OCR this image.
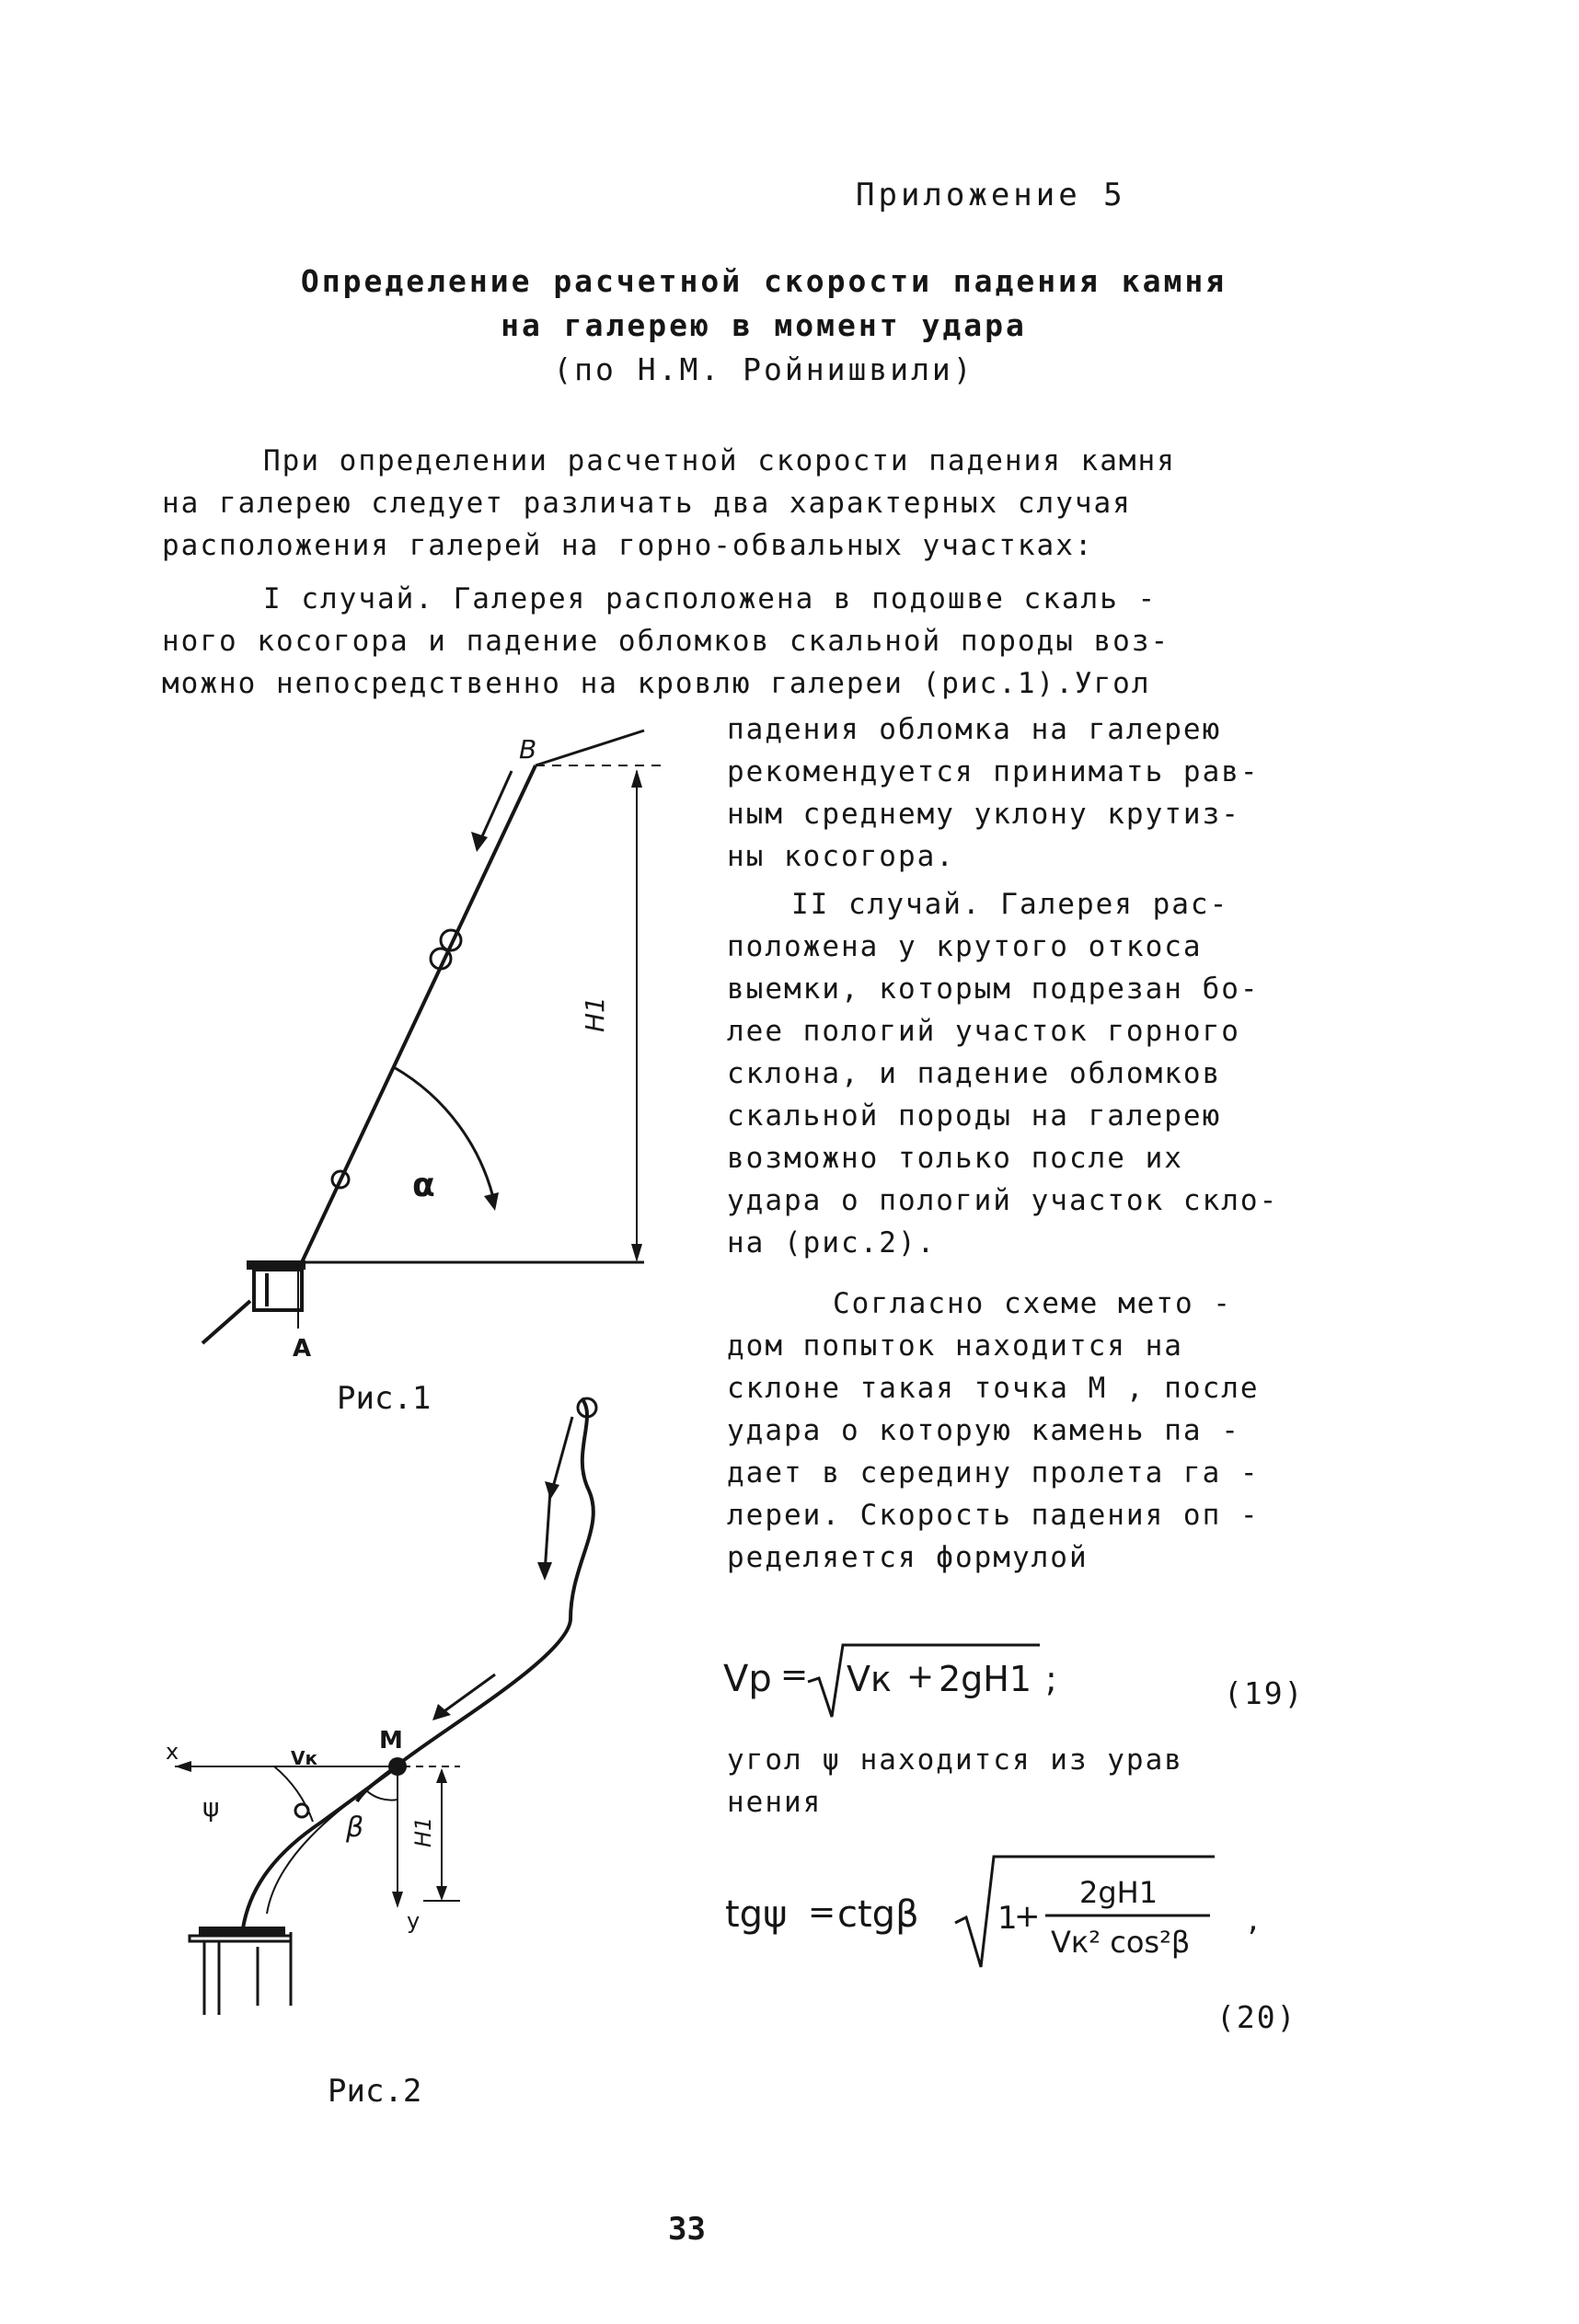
Приложение 5
Определение расчетной скорости падения камня
на галерею в момент удара
(по Н.М. Ройнишвили)
При определении расчетной скорости падения камня
на галерею следует различать два характерных случая
расположения галерей на горно-обвальных участках:
I случай. Галерея расположена в подошве скаль -
ного косогора и падение обломков скальной породы воз-
можно непосредственно на кровлю галереи (рис.1).Угол
падения обломка на галерею
рекомендуется принимать рав-
ным среднему уклону крутиз-
ны косогора.
II случай. Галерея рас-
положена у крутого откоса
выемки, которым подрезан бо-
лее пологий участок горного
склона, и падение обломков
скальной породы на галерею
возможно только после их
удара о пологий участок скло-
на (рис.2).
Согласно схеме мето -
дом попыток находится на
склоне такая точка М , после
удара о которую камень па -
дает в середину пролета га -
лереи. Скорость падения оп -
ределяется формулой
Vp = Vк + 2gH1 ;	(19)
угол ψ находится из урав
нения
tgψ = ctgβ	1
+
2gH1
Vк² cos²β
,
(20)
H1
α
В
А
Рис.1
М
x
y
H1
ψ
Vк
β
Рис.2
33
